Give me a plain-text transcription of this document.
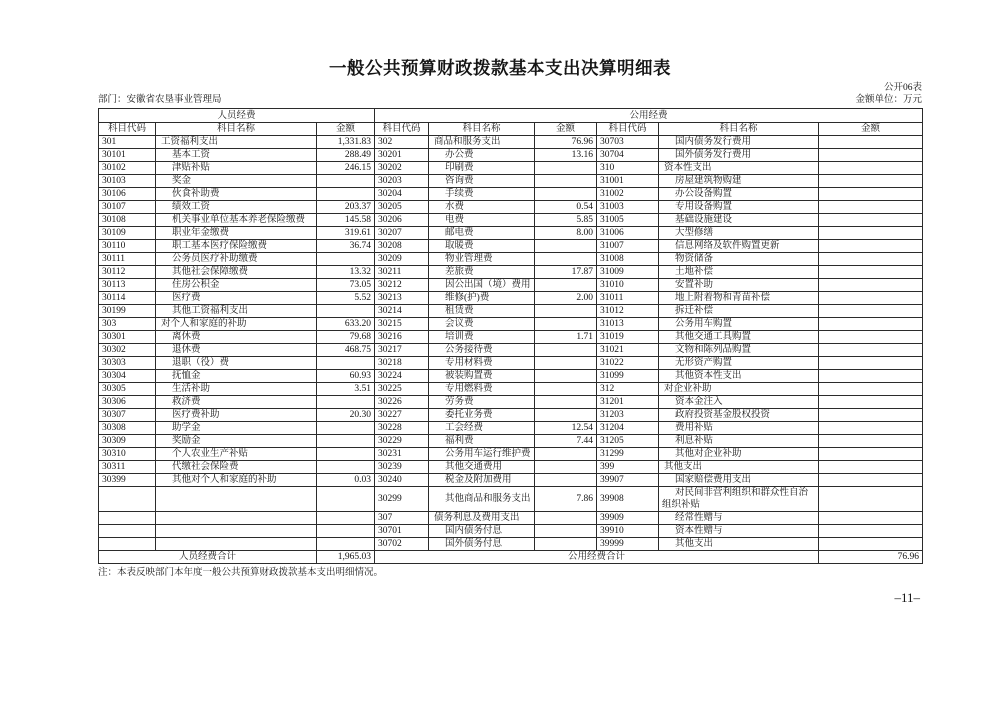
一般公共预算财政拨款基本支出决算明细表
公开06表
部门：安徽省农垦事业管理局	金额单位：万元
人员经费			公用经费					
科目代码	科目名称	金额	科目代码	科目名称	金额	科目代码	科目名称	金额
301	工资福利支出	1,331.83	302	商品和服务支出	76.96	30703	国内债务发行费用	
30101	基本工资	288.49	30201	办公费	13.16	30704	国外债务发行费用	
30102	津贴补贴	246.15	30202	印刷费		310	资本性支出	
30103	奖金		30203	咨询费		31001	房屋建筑物购建	
30106	伙食补助费		30204	手续费		31002	办公设备购置	
30107	绩效工资	203.37	30205	水费	0.54	31003	专用设备购置	
30108	机关事业单位基本养老保险缴费	145.58	30206	电费	5.85	31005	基础设施建设	
30109	职业年金缴费	319.61	30207	邮电费	8.00	31006	大型修缮	
30110	职工基本医疗保险缴费	36.74	30208	取暖费		31007	信息网络及软件购置更新	
30111	公务员医疗补助缴费		30209	物业管理费		31008	物资储备	
30112	其他社会保障缴费	13.32	30211	差旅费	17.87	31009	土地补偿	
30113	住房公积金	73.05	30212	因公出国（境）费用		31010	安置补助	
30114	医疗费	5.52	30213	维修(护)费	2.00	31011	地上附着物和青苗补偿	
30199	其他工资福利支出		30214	租赁费		31012	拆迁补偿	
303	对个人和家庭的补助	633.20	30215	会议费		31013	公务用车购置	
30301	离休费	79.68	30216	培训费	1.71	31019	其他交通工具购置	
30302	退休费	468.75	30217	公务接待费		31021	文物和陈列品购置	
30303	退职（役）费		30218	专用材料费		31022	无形资产购置	
30304	抚恤金	60.93	30224	被装购置费		31099	其他资本性支出	
30305	生活补助	3.51	30225	专用燃料费		312	对企业补助	
30306	救济费		30226	劳务费		31201	资本金注入	
30307	医疗费补助	20.30	30227	委托业务费		31203	政府投资基金股权投资	
30308	助学金		30228	工会经费	12.54	31204	费用补贴	
30309	奖励金		30229	福利费	7.44	31205	利息补贴	
30310	个人农业生产补贴		30231	公务用车运行维护费		31299	其他对企业补助	
30311	代缴社会保险费		30239	其他交通费用		399	其他支出	
30399	其他对个人和家庭的补助	0.03	30240	税金及附加费用		39907	国家赔偿费用支出	
			30299	其他商品和服务支出	7.86	39908	对民间非营利组织和群众性自治组织补贴	
			307	债务利息及费用支出		39909	经常性赠与	
			30701	国内债务付息		39910	资本性赠与	
			30702	国外债务付息		39999	其他支出	
人员经费合计		1,965.03	公用经费合计					76.96
注：本表反映部门本年度一般公共预算财政拨款基本支出明细情况。
–11–
